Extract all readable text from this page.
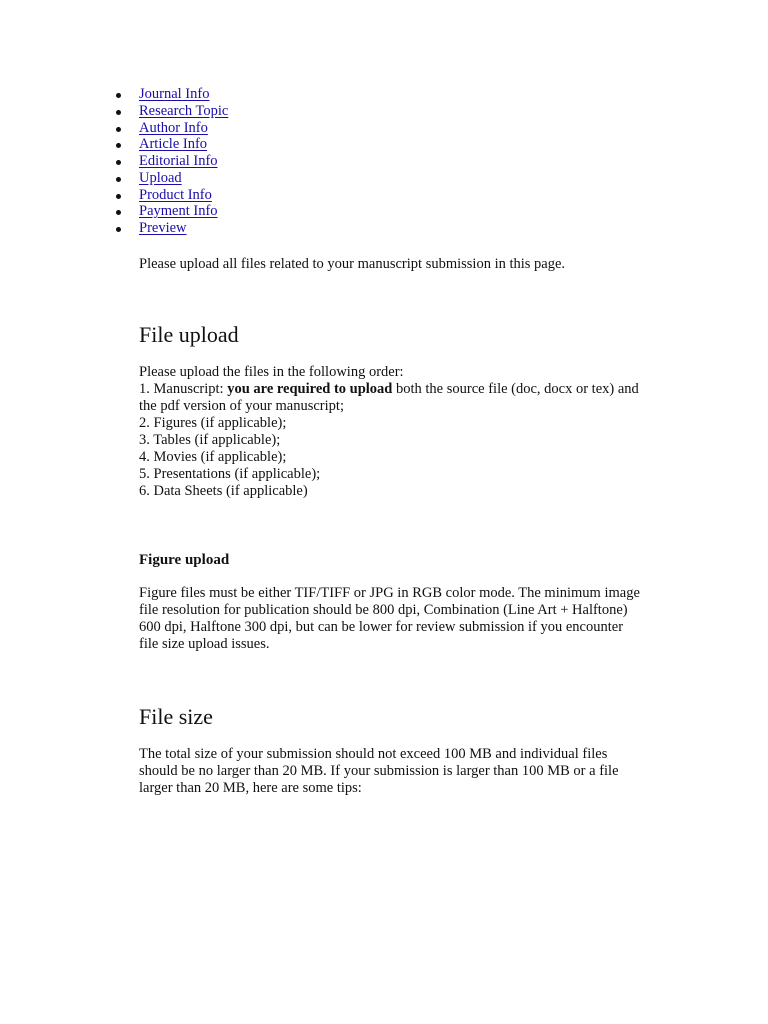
Journal Info
Research Topic
Author Info
Article Info
Editorial Info
Upload
Product Info
Payment Info
Preview

Please upload all files related to your manuscript submission in this page.

File upload
Please upload the files in the following order:
1. Manuscript: you are required to upload both the source file (doc, docx or tex) and
the pdf version of your manuscript;
2. Figures (if applicable);
3. Tables (if applicable);
4. Movies (if applicable);
5. Presentations (if applicable);
6. Data Sheets (if applicable)
Figure upload
Figure files must be either TIF/TIFF or JPG in RGB color mode. The minimum image
file resolution for publication should be 800 dpi, Combination (Line Art + Halftone)
600 dpi, Halftone 300 dpi, but can be lower for review submission if you encounter
file size upload issues.
File size
The total size of your submission should not exceed 100 MB and individual files
should be no larger than 20 MB. If your submission is larger than 100 MB or a file
larger than 20 MB, here are some tips:
